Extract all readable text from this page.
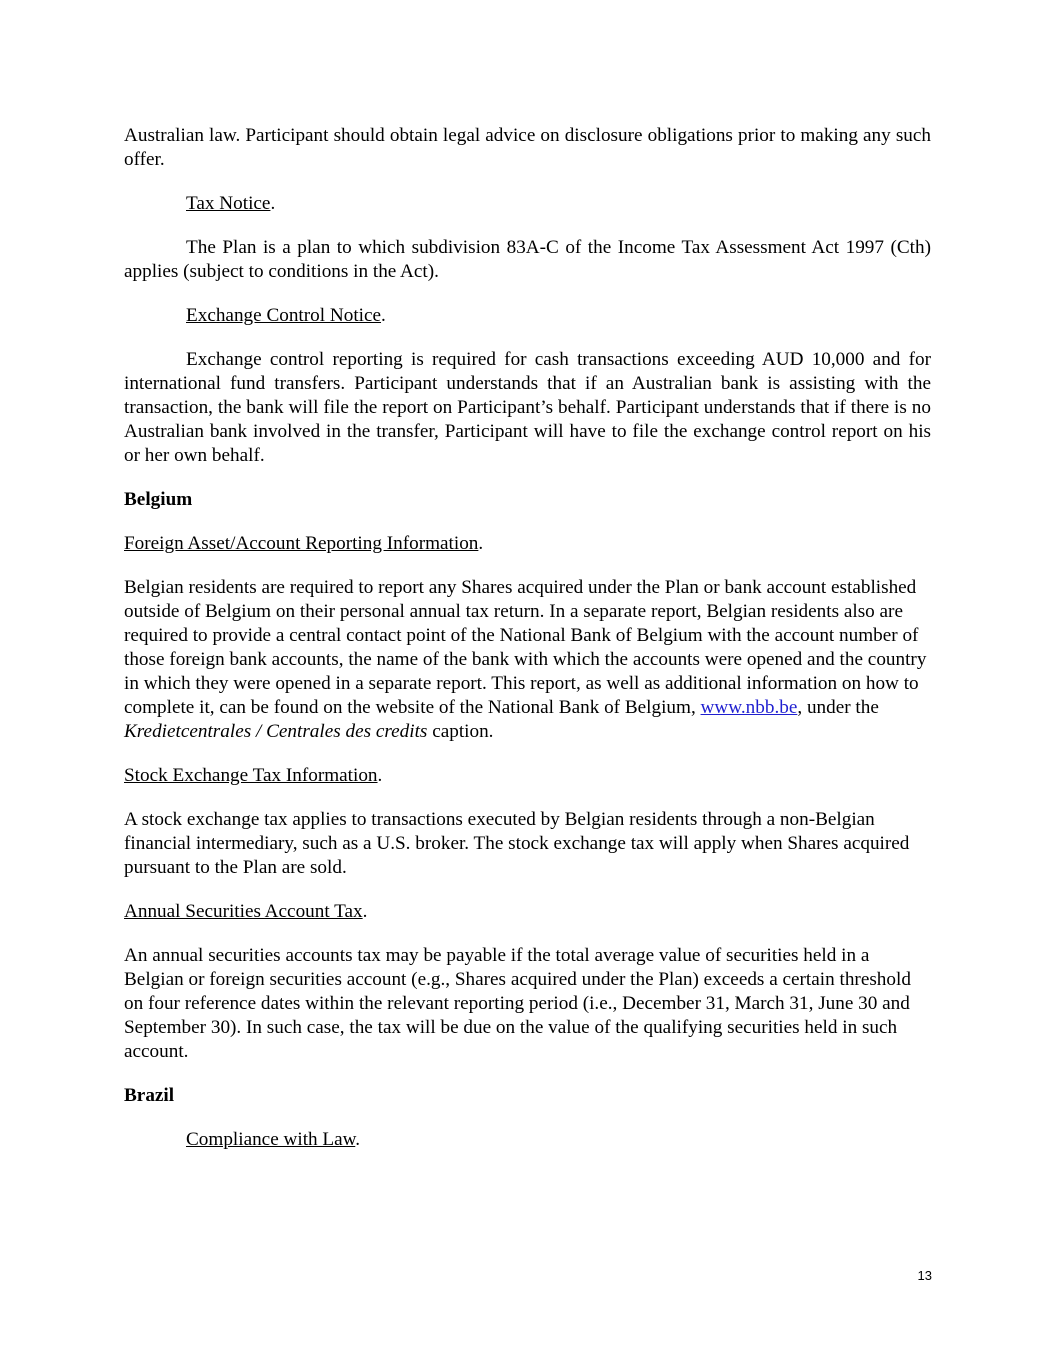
Australian law. Participant should obtain legal advice on disclosure obligations prior to making any such offer.

Tax Notice.

The Plan is a plan to which subdivision 83A-C of the Income Tax Assessment Act 1997 (Cth) applies (subject to conditions in the Act).

Exchange Control Notice.

Exchange control reporting is required for cash transactions exceeding AUD 10,000 and for international fund transfers. Participant understands that if an Australian bank is assisting with the transaction, the bank will file the report on Participant’s behalf. Participant understands that if there is no Australian bank involved in the transfer, Participant will have to file the exchange control report on his or her own behalf.

Belgium

Foreign Asset/Account Reporting Information.

Belgian residents are required to report any Shares acquired under the Plan or bank account established outside of Belgium on their personal annual tax return. In a separate report, Belgian residents also are required to provide a central contact point of the National Bank of Belgium with the account number of those foreign bank accounts, the name of the bank with which the accounts were opened and the country in which they were opened in a separate report. This report, as well as additional information on how to complete it, can be found on the website of the National Bank of Belgium, www.nbb.be, under the Kredietcentrales / Centrales des credits caption.

Stock Exchange Tax Information.

A stock exchange tax applies to transactions executed by Belgian residents through a non-Belgian financial intermediary, such as a U.S. broker. The stock exchange tax will apply when Shares acquired pursuant to the Plan are sold.

Annual Securities Account Tax.

An annual securities accounts tax may be payable if the total average value of securities held in a Belgian or foreign securities account (e.g., Shares acquired under the Plan) exceeds a certain threshold on four reference dates within the relevant reporting period (i.e., December 31, March 31, June 30 and September 30). In such case, the tax will be due on the value of the qualifying securities held in such account.

Brazil

Compliance with Law.

13
